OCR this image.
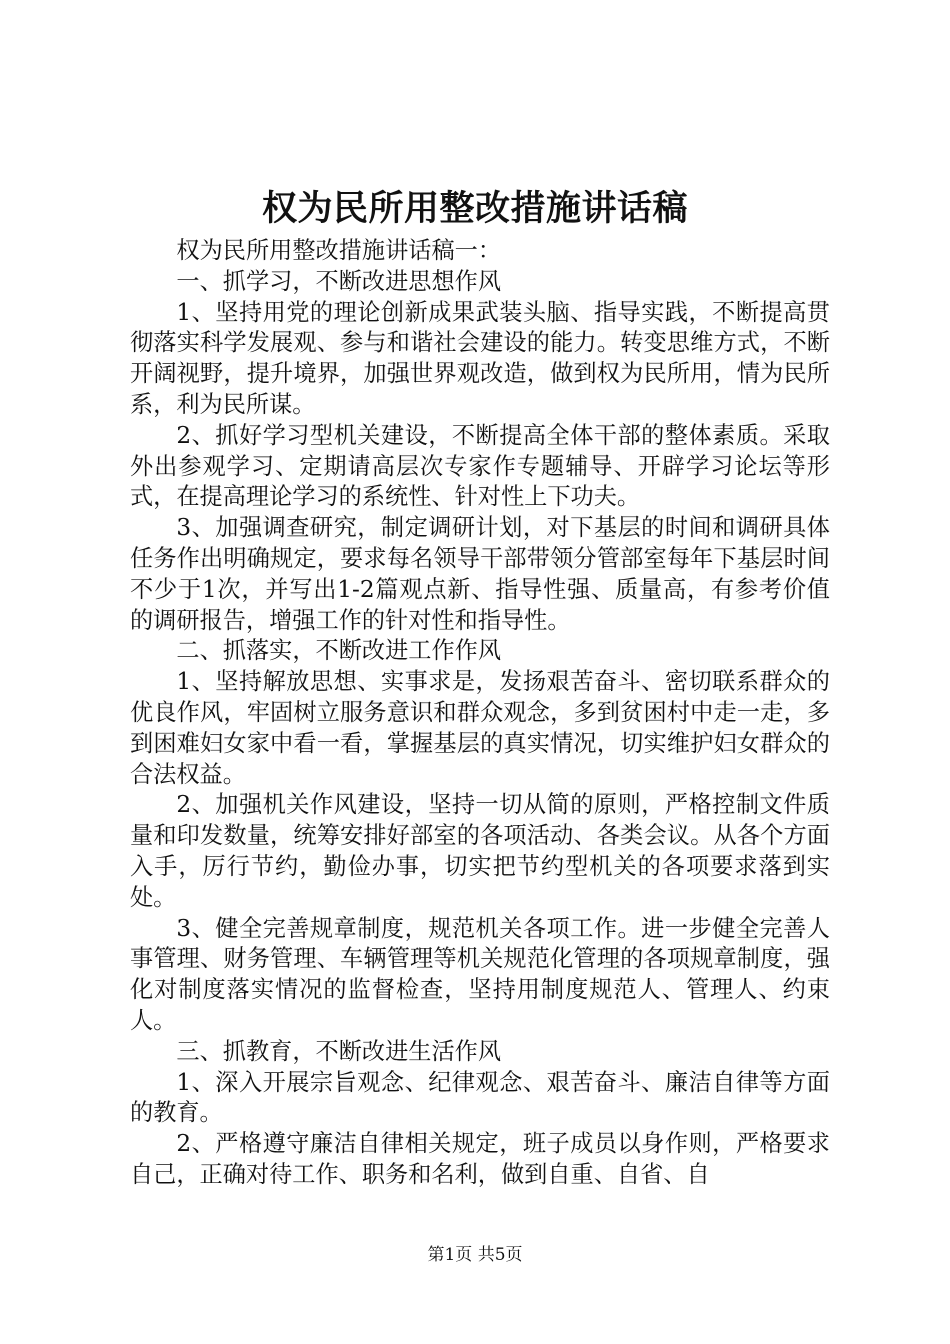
权为民所用整改措施讲话稿

权为民所用整改措施讲话稿一：

一、抓学习，不断改进思想作风

1、坚持用党的理论创新成果武装头脑、指导实践，不断提高贯彻落实科学发展观、参与和谐社会建设的能力。转变思维方式，不断开阔视野，提升境界，加强世界观改造，做到权为民所用，情为民所系，利为民所谋。

2、抓好学习型机关建设，不断提高全体干部的整体素质。采取外出参观学习、定期请高层次专家作专题辅导、开辟学习论坛等形式，在提高理论学习的系统性、针对性上下功夫。

3、加强调查研究，制定调研计划，对下基层的时间和调研具体任务作出明确规定，要求每名领导干部带领分管部室每年下基层时间不少于1次，并写出1-2篇观点新、指导性强、质量高，有参考价值的调研报告，增强工作的针对性和指导性。

二、抓落实，不断改进工作作风

1、坚持解放思想、实事求是，发扬艰苦奋斗、密切联系群众的优良作风，牢固树立服务意识和群众观念，多到贫困村中走一走，多到困难妇女家中看一看，掌握基层的真实情况，切实维护妇女群众的合法权益。

2、加强机关作风建设，坚持一切从简的原则，严格控制文件质量和印发数量，统筹安排好部室的各项活动、各类会议。从各个方面入手，厉行节约，勤俭办事，切实把节约型机关的各项要求落到实处。

3、健全完善规章制度，规范机关各项工作。进一步健全完善人事管理、财务管理、车辆管理等机关规范化管理的各项规章制度，强化对制度落实情况的监督检查，坚持用制度规范人、管理人、约束人。

三、抓教育，不断改进生活作风

1、深入开展宗旨观念、纪律观念、艰苦奋斗、廉洁自律等方面的教育。

2、严格遵守廉洁自律相关规定，班子成员以身作则，严格要求自己，正确对待工作、职务和名利，做到自重、自省、自

第1页 共5页
